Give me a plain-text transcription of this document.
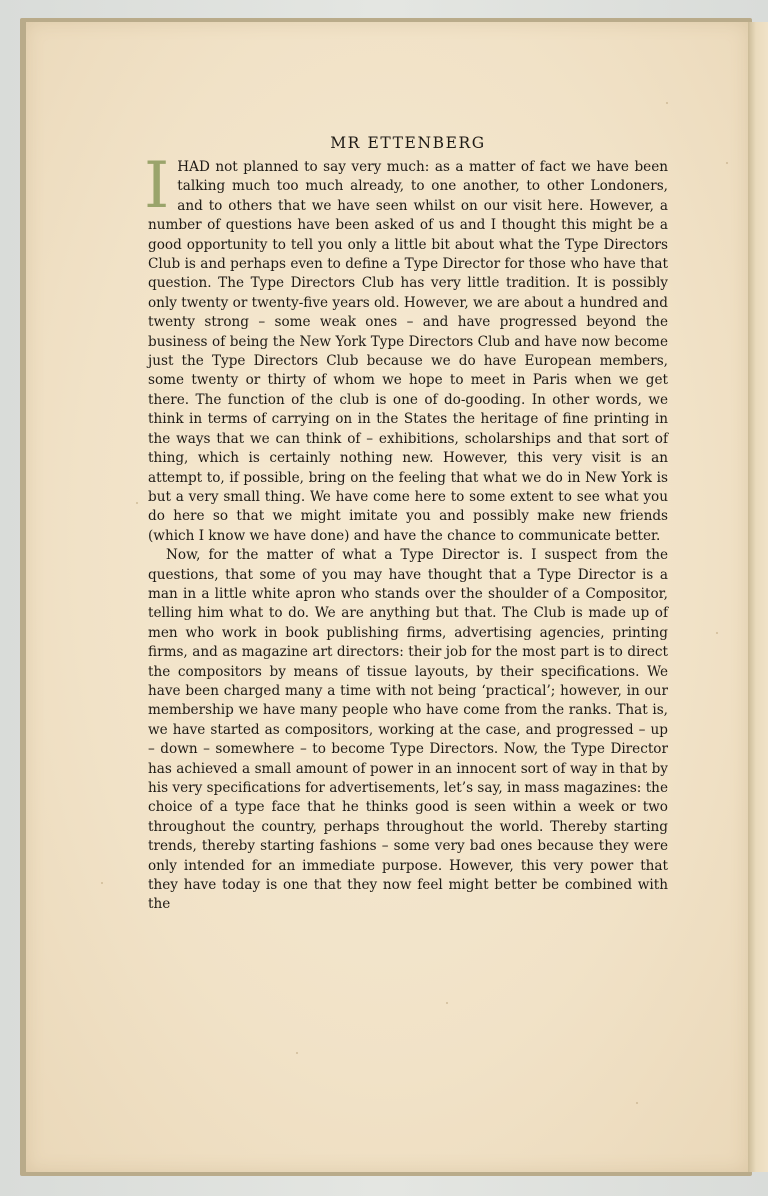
MR ETTENBERG

IHAD not planned to say very much: as a matter of fact we have been talking much too much already, to one another, to other Londoners, and to others that we have seen whilst on our visit here. However, a number of questions have been asked of us and I thought this might be a good opportunity to tell you only a little bit about what the Type Directors Club is and perhaps even to define a Type Director for those who have that question. The Type Directors Club has very little tradition. It is possibly only twenty or twenty-five years old. However, we are about a hundred and twenty strong – some weak ones – and have progressed beyond the business of being the New York Type Directors Club and have now become just the Type Directors Club because we do have European members, some twenty or thirty of whom we hope to meet in Paris when we get there. The function of the club is one of do-gooding. In other words, we think in terms of carrying on in the States the heritage of fine printing in the ways that we can think of – exhibitions, scholarships and that sort of thing, which is certainly nothing new. However, this very visit is an attempt to, if possible, bring on the feeling that what we do in New York is but a very small thing. We have come here to some extent to see what you do here so that we might imitate you and possibly make new friends (which I know we have done) and have the chance to communicate better.

Now, for the matter of what a Type Director is. I suspect from the questions, that some of you may have thought that a Type Director is a man in a little white apron who stands over the shoulder of a Compositor, telling him what to do. We are anything but that. The Club is made up of men who work in book publishing firms, advertising agencies, printing firms, and as magazine art directors: their job for the most part is to direct the compositors by means of tissue layouts, by their specifications. We have been charged many a time with not being ‘practical’; however, in our membership we have many people who have come from the ranks. That is, we have started as compositors, working at the case, and progressed – up – down – somewhere – to become Type Directors. Now, the Type Director has achieved a small amount of power in an innocent sort of way in that by his very specifications for advertisements, let’s say, in mass magazines: the choice of a type face that he thinks good is seen within a week or two throughout the country, perhaps throughout the world. Thereby starting trends, thereby starting fashions – some very bad ones because they were only intended for an immediate purpose. However, this very power that they have today is one that they now feel might better be combined with the
